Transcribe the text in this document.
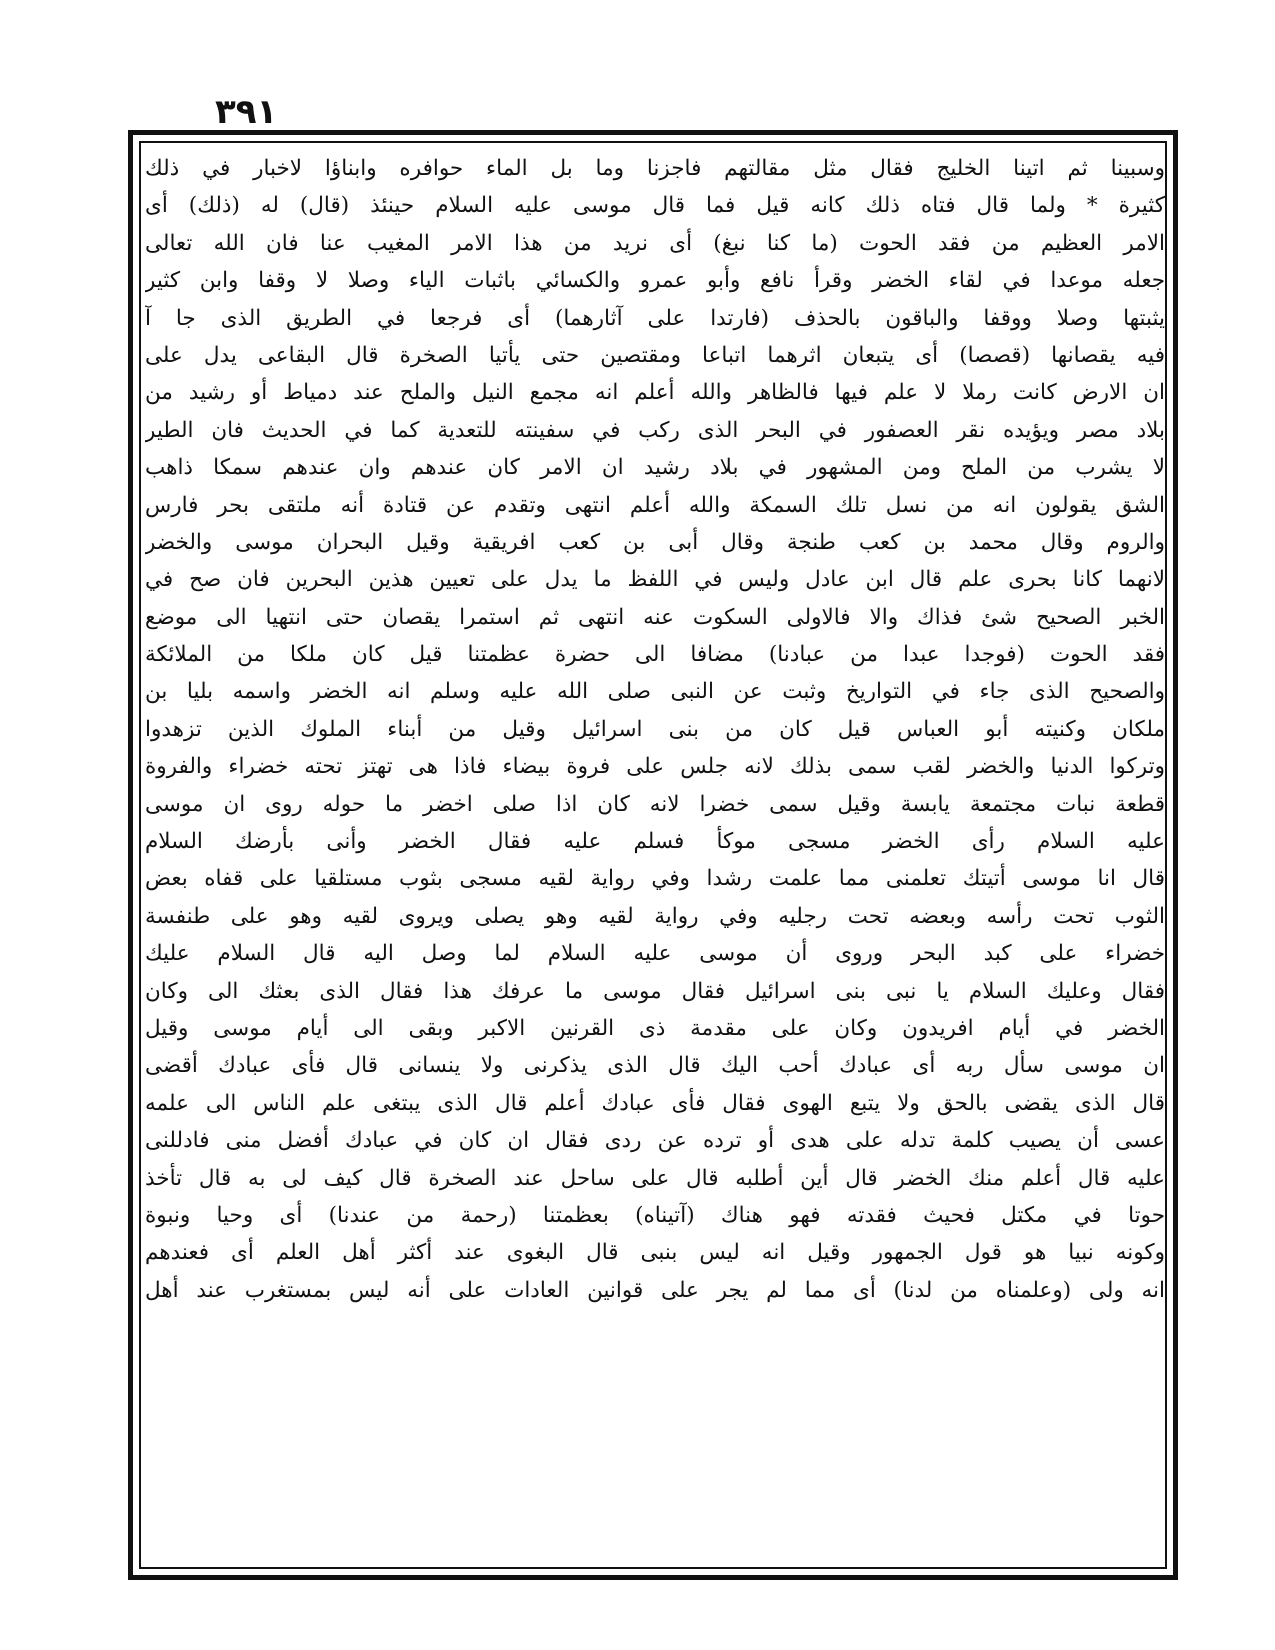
٣٩١
وسبينا ثم اتينا الخليج فقال مثل مقالتهم فاجزنا وما بل الماء حوافره وابناؤا لاخبار في ذلك
كثيرة * ولما قال فتاه ذلك كانه قيل فما قال موسى عليه السلام حينئذ (قال) له (ذلك) أى
الامر العظيم من فقد الحوت (ما كنا نبغ) أى نريد من هذا الامر المغيب عنا فان الله تعالى
جعله موعدا في لقاء الخضر وقرأ نافع وأبو عمرو والكسائي باثبات الياء وصلا لا وقفا وابن كثير
يثبتها وصلا ووقفا والباقون بالحذف (فارتدا على آثارهما) أى فرجعا في الطريق الذى جا آ
فيه يقصانها (قصصا) أى يتبعان اثرهما اتباعا ومقتصين حتى يأتيا الصخرة قال البقاعى يدل على
ان الارض كانت رملا لا علم فيها فالظاهر والله أعلم انه مجمع النيل والملح عند دمياط أو رشيد من
بلاد مصر ويؤيده نقر العصفور في البحر الذى ركب في سفينته للتعدية كما في الحديث فان الطير
لا يشرب من الملح ومن المشهور في بلاد رشيد ان الامر كان عندهم وان عندهم سمكا ذاهب
الشق يقولون انه من نسل تلك السمكة والله أعلم انتهى وتقدم عن قتادة أنه ملتقى بحر فارس
والروم وقال محمد بن كعب طنجة وقال أبى بن كعب افريقية وقيل البحران موسى والخضر
لانهما كانا بحرى علم قال ابن عادل وليس في اللفظ ما يدل على تعيين هذين البحرين فان صح في
الخبر الصحيح شئ فذاك والا فالاولى السكوت عنه انتهى ثم استمرا يقصان حتى انتهيا الى موضع
فقد الحوت (فوجدا عبدا من عبادنا) مضافا الى حضرة عظمتنا قيل كان ملكا من الملائكة
والصحيح الذى جاء في التواريخ وثبت عن النبى صلى الله عليه وسلم انه الخضر واسمه بليا بن
ملكان وكنيته أبو العباس قيل كان من بنى اسرائيل وقيل من أبناء الملوك الذين تزهدوا
وتركوا الدنيا والخضر لقب سمى بذلك لانه جلس على فروة بيضاء فاذا هى تهتز تحته خضراء والفروة
قطعة نبات مجتمعة يابسة وقيل سمى خضرا لانه كان اذا صلى اخضر ما حوله روى ان موسى
عليه السلام رأى الخضر مسجى موكأ فسلم عليه فقال الخضر وأنى بأرضك السلام
قال انا موسى أتيتك تعلمنى مما علمت رشدا وفي رواية لقيه مسجى بثوب مستلقيا على قفاه بعض
الثوب تحت رأسه وبعضه تحت رجليه وفي رواية لقيه وهو يصلى ويروى لقيه وهو على طنفسة
خضراء على كبد البحر وروى أن موسى عليه السلام لما وصل اليه قال السلام عليك
فقال وعليك السلام يا نبى بنى اسرائيل فقال موسى ما عرفك هذا فقال الذى بعثك الى وكان
الخضر في أيام افريدون وكان على مقدمة ذى القرنين الاكبر وبقى الى أيام موسى وقيل
ان موسى سأل ربه أى عبادك أحب اليك قال الذى يذكرنى ولا ينسانى قال فأى عبادك أقضى
قال الذى يقضى بالحق ولا يتبع الهوى فقال فأى عبادك أعلم قال الذى يبتغى علم الناس الى علمه
عسى أن يصيب كلمة تدله على هدى أو ترده عن ردى فقال ان كان في عبادك أفضل منى فادللنى
عليه قال أعلم منك الخضر قال أين أطلبه قال على ساحل عند الصخرة قال كيف لى به قال تأخذ
حوتا في مكتل فحيث فقدته فهو هناك (آتيناه) بعظمتنا (رحمة من عندنا) أى وحيا ونبوة
وكونه نبيا هو قول الجمهور وقيل انه ليس بنبى قال البغوى عند أكثر أهل العلم أى فعندهم
انه ولى (وعلمناه من لدنا) أى مما لم يجر على قوانين العادات على أنه ليس بمستغرب عند أهل
